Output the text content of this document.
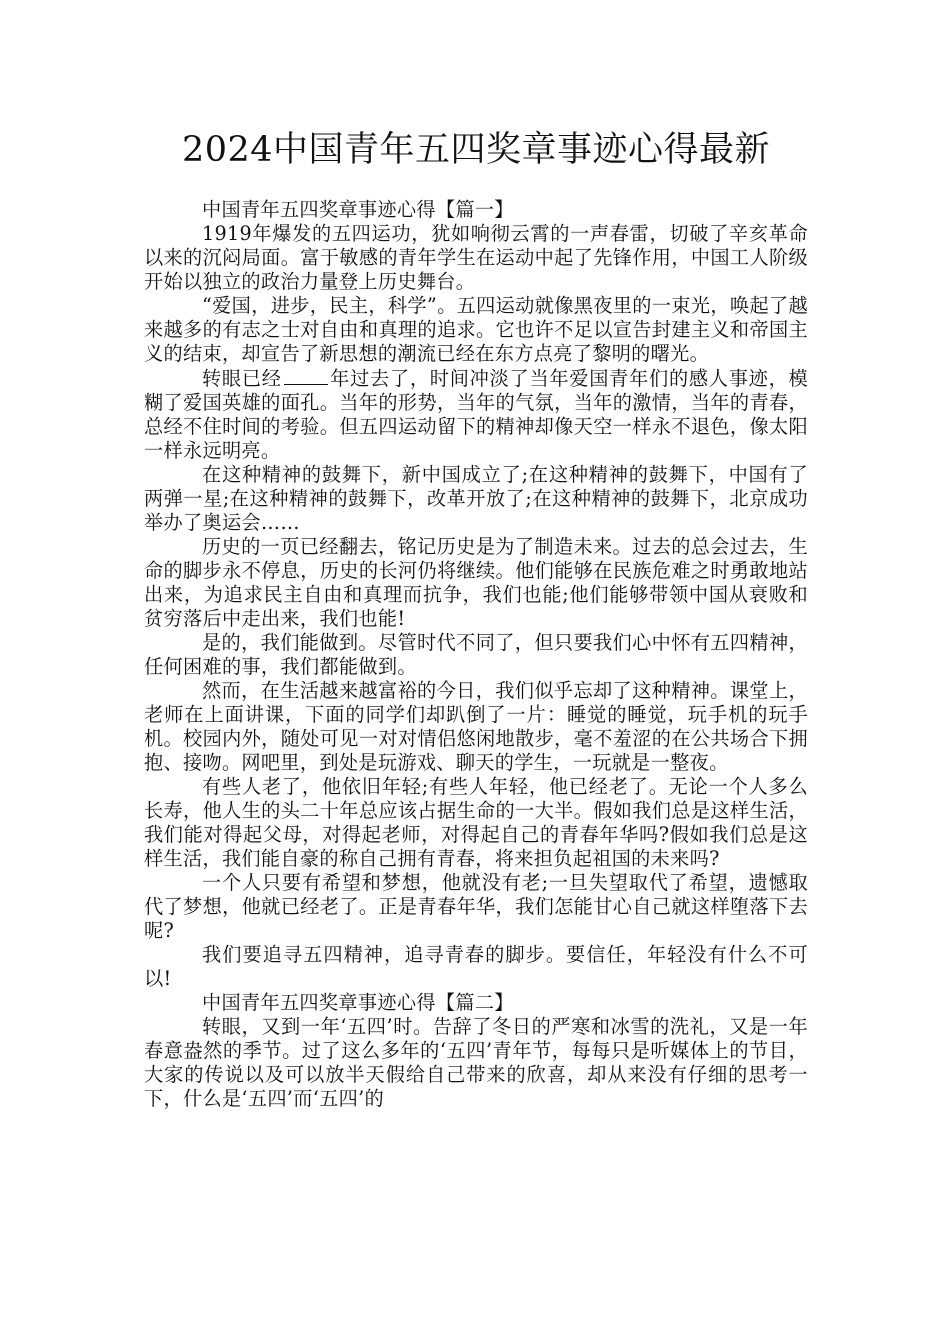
2024中国青年五四奖章事迹心得最新

中国青年五四奖章事迹心得【篇一】

1919年爆发的五四运功，犹如响彻云霄的一声春雷，切破了辛亥革命以来的沉闷局面。富于敏感的青年学生在运动中起了先锋作用，中国工人阶级开始以独立的政治力量登上历史舞台。

“爱国，进步，民主，科学”。五四运动就像黑夜里的一束光，唤起了越来越多的有志之士对自由和真理的追求。它也许不足以宣告封建主义和帝国主义的结束，却宣告了新思想的潮流已经在东方点亮了黎明的曙光。

转眼已经	年过去了，时间冲淡了当年爱国青年们的感人事迹，模糊了爱国英雄的面孔。当年的形势，当年的气氛，当年的激情，当年的青春，总经不住时间的考验。但五四运动留下的精神却像天空一样永不退色，像太阳一样永远明亮。

在这种精神的鼓舞下，新中国成立了;在这种精神的鼓舞下，中国有了两弹一星;在这种精神的鼓舞下，改革开放了;在这种精神的鼓舞下，北京成功举办了奥运会……

历史的一页已经翻去，铭记历史是为了制造未来。过去的总会过去，生命的脚步永不停息，历史的长河仍将继续。他们能够在民族危难之时勇敢地站出来，为追求民主自由和真理而抗争，我们也能;他们能够带领中国从衰败和贫穷落后中走出来，我们也能!

是的，我们能做到。尽管时代不同了，但只要我们心中怀有五四精神，任何困难的事，我们都能做到。

然而，在生活越来越富裕的今日，我们似乎忘却了这种精神。课堂上，老师在上面讲课，下面的同学们却趴倒了一片：睡觉的睡觉，玩手机的玩手机。校园内外，随处可见一对对情侣悠闲地散步，毫不羞涩的在公共场合下拥抱、接吻。网吧里，到处是玩游戏、聊天的学生，一玩就是一整夜。

有些人老了，他依旧年轻;有些人年轻，他已经老了。无论一个人多么长寿，他人生的头二十年总应该占据生命的一大半。假如我们总是这样生活，我们能对得起父母，对得起老师，对得起自己的青春年华吗?假如我们总是这样生活，我们能自豪的称自己拥有青春，将来担负起祖国的未来吗?

一个人只要有希望和梦想，他就没有老;一旦失望取代了希望，遗憾取代了梦想，他就已经老了。正是青春年华，我们怎能甘心自己就这样堕落下去呢?

我们要追寻五四精神，追寻青春的脚步。要信任，年轻没有什么不可以!

中国青年五四奖章事迹心得【篇二】

转眼，又到一年‘五四’时。告辞了冬日的严寒和冰雪的洗礼，又是一年春意盎然的季节。过了这么多年的‘五四’青年节，每每只是听媒体上的节目，大家的传说以及可以放半天假给自己带来的欣喜，却从来没有仔细的思考一下，什么是‘五四’而‘五四’的
